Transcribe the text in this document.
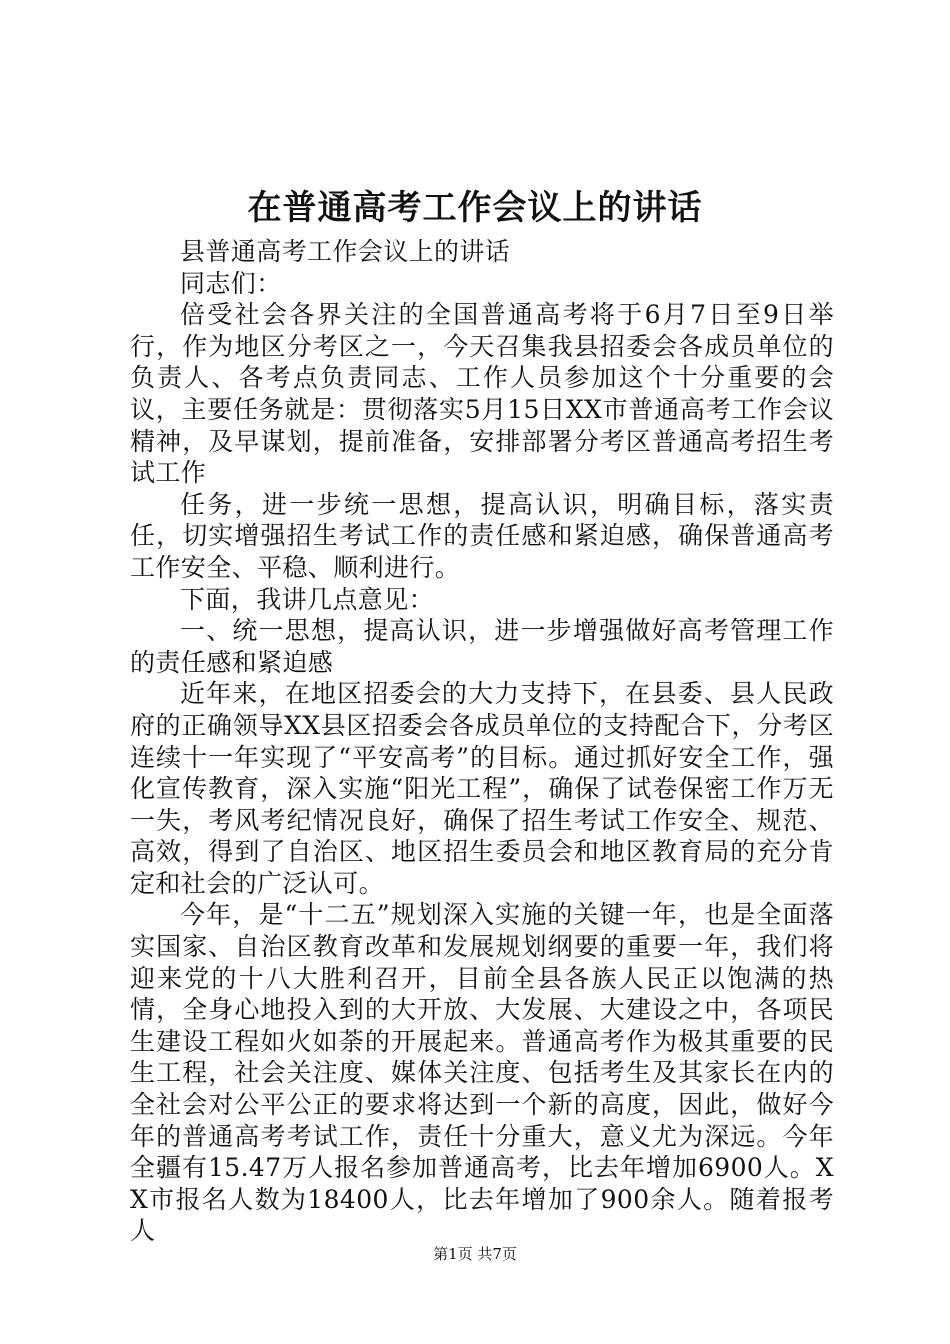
在普通高考工作会议上的讲话

县普通高考工作会议上的讲话

同志们：

倍受社会各界关注的全国普通高考将于6月7日至9日举行，作为地区分考区之一，今天召集我县招委会各成员单位的负责人、各考点负责同志、工作人员参加这个十分重要的会议，主要任务就是：贯彻落实5月15日XX市普通高考工作会议精神，及早谋划，提前准备，安排部署分考区普通高考招生考试工作

任务，进一步统一思想，提高认识，明确目标，落实责任，切实增强招生考试工作的责任感和紧迫感，确保普通高考工作安全、平稳、顺利进行。

下面，我讲几点意见：

一、统一思想，提高认识，进一步增强做好高考管理工作的责任感和紧迫感

近年来，在地区招委会的大力支持下，在县委、县人民政府的正确领导XX县区招委会各成员单位的支持配合下，分考区连续十一年实现了“平安高考”的目标。通过抓好安全工作，强化宣传教育，深入实施“阳光工程”，确保了试卷保密工作万无一失，考风考纪情况良好，确保了招生考试工作安全、规范、高效，得到了自治区、地区招生委员会和地区教育局的充分肯定和社会的广泛认可。

今年，是“十二五”规划深入实施的关键一年，也是全面落实国家、自治区教育改革和发展规划纲要的重要一年，我们将迎来党的十八大胜利召开，目前全县各族人民正以饱满的热情，全身心地投入到的大开放、大发展、大建设之中，各项民生建设工程如火如荼的开展起来。普通高考作为极其重要的民生工程，社会关注度、媒体关注度、包括考生及其家长在内的全社会对公平公正的要求将达到一个新的高度，因此，做好今年的普通高考考试工作，责任十分重大，意义尤为深远。今年全疆有15.47万人报名参加普通高考，比去年增加6900人。XX市报名人数为18400人，比去年增加了900余人。随着报考人

第1页 共7页
